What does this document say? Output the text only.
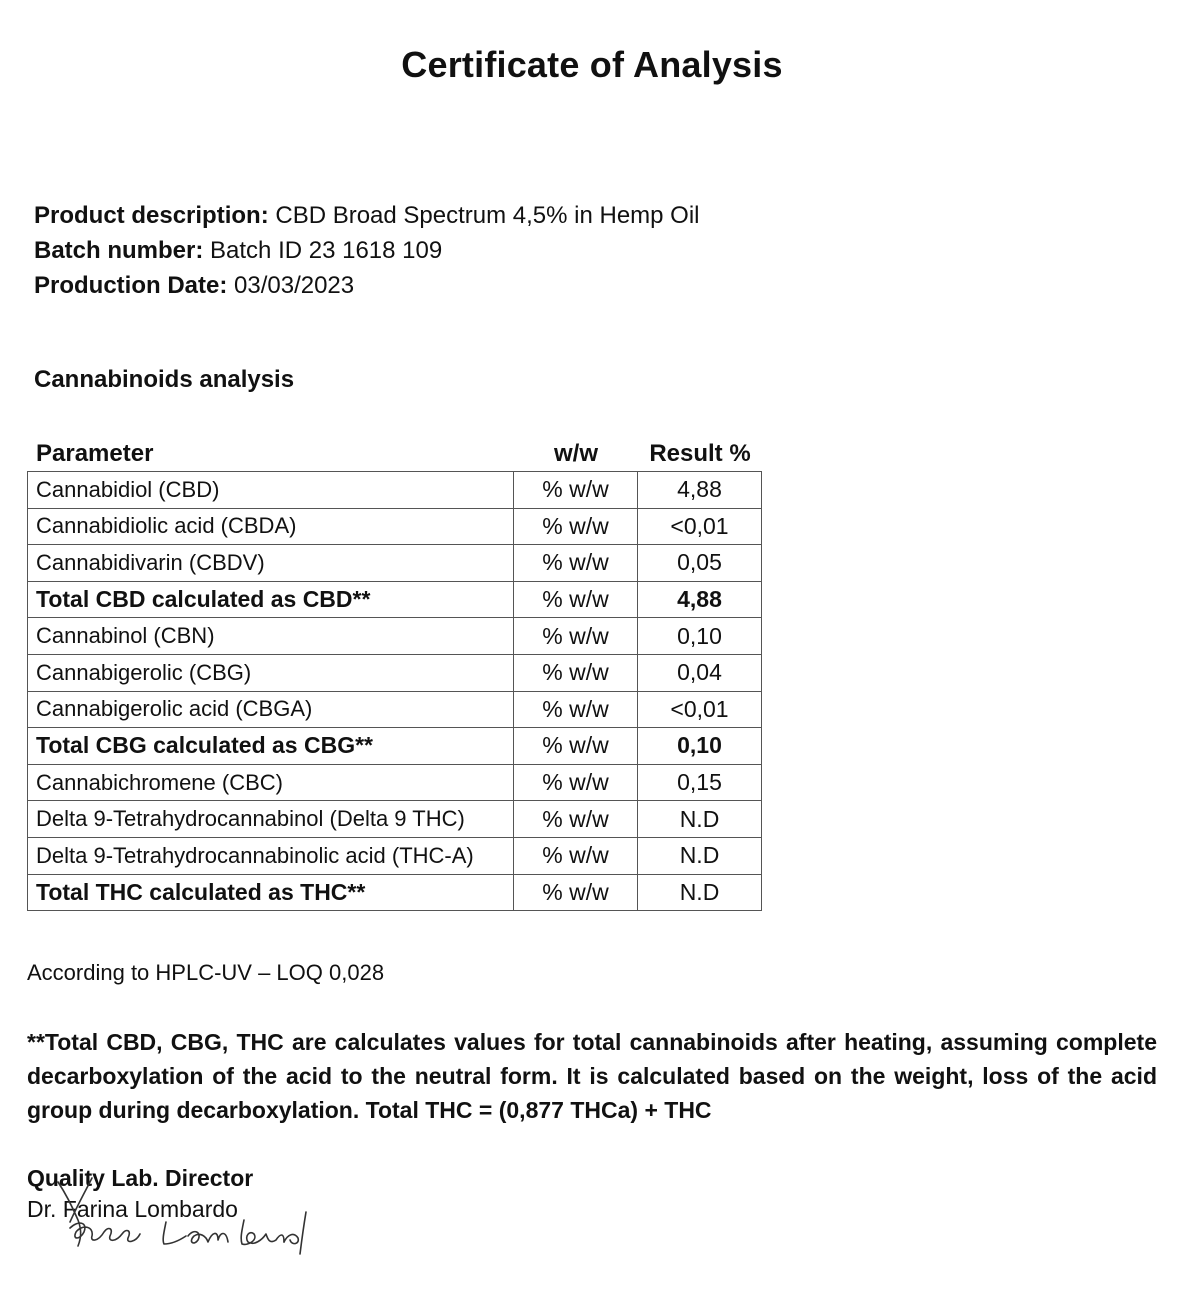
Certificate of Analysis
Product description: CBD Broad Spectrum 4,5% in Hemp Oil
Batch number: Batch ID 23 1618 109
Production Date: 03/03/2023
Cannabinoids analysis
Parameter	w/w	Result %
Cannabidiol (CBD)	% w/w	4,88
Cannabidiolic acid (CBDA)	% w/w	<0,01
Cannabidivarin (CBDV)	% w/w	0,05
Total CBD calculated as CBD**	% w/w	4,88
Cannabinol (CBN)	% w/w	0,10
Cannabigerolic (CBG)	% w/w	0,04
Cannabigerolic acid (CBGA)	% w/w	<0,01
Total CBG calculated as CBG**	% w/w	0,10
Cannabichromene (CBC)	% w/w	0,15
Delta 9-Tetrahydrocannabinol (Delta 9 THC)	% w/w	N.D
Delta 9-Tetrahydrocannabinolic acid (THC-A)	% w/w	N.D
Total THC calculated as THC**	% w/w	N.D
According to HPLC-UV – LOQ 0,028
**Total CBD, CBG, THC are calculates values for total cannabinoids after heating, assuming complete decarboxylation of the acid to the neutral form. It is calculated based on the weight, loss of the acid group during decarboxylation. Total THC = (0,877 THCa) + THC
Quality Lab. Director
Dr. Farina Lombardo
